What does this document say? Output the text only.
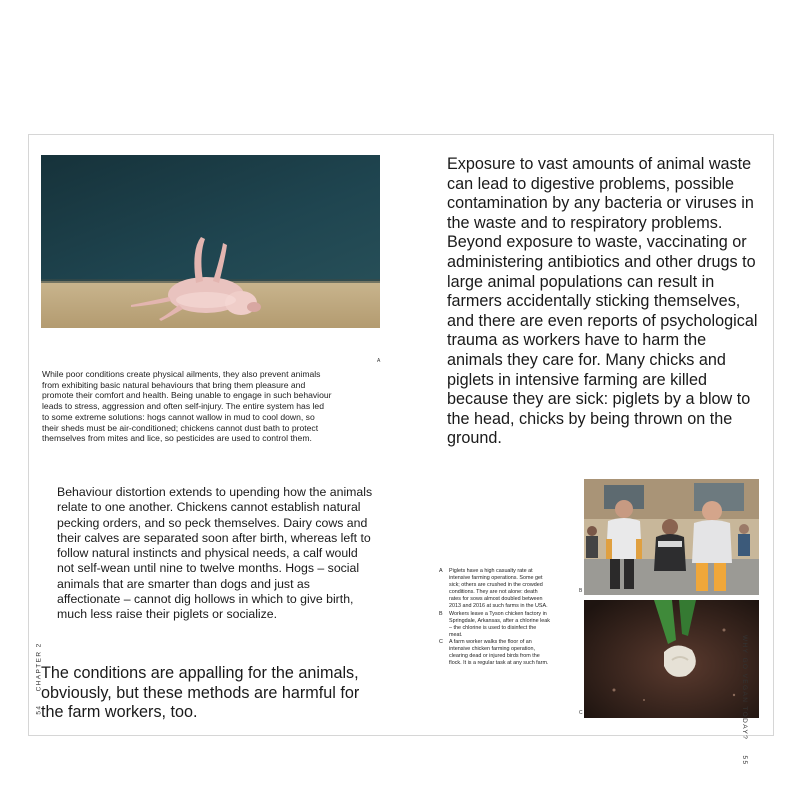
A

While poor conditions create physical ailments, they also prevent animals from exhibiting basic natural behaviours that bring them pleasure and promote their comfort and health. Being unable to engage in such behaviour leads to stress, aggression and often self-injury. The entire system has led to some extreme solutions: hogs cannot wallow in mud to cool down, so their sheds must be air-conditioned; chickens cannot dust bath to protect themselves from mites and lice, so pesticides are used to control them.

Behaviour distortion extends to upending how the animals relate to one another. Chickens cannot establish natural pecking orders, and so peck themselves. Dairy cows and their calves are separated soon after birth, whereas left to follow natural instincts and physical needs, a calf would not self-wean until nine to twelve months. Hogs – social animals that are smarter than dogs and just as affectionate – cannot dig hollows in which to give birth, much less raise their piglets or socialize.

The conditions are appalling for the animals, obviously, but these methods are harmful for the farm workers, too.

54 CHAPTER 2

Exposure to vast amounts of animal waste can lead to digestive problems, possible contamination by any bacteria or viruses in the waste and to respiratory problems. Beyond exposure to waste, vaccinating or administering antibiotics and other drugs to large animal populations can result in farmers accidentally sticking themselves, and there are even reports of psychological trauma as workers have to harm the animals they care for. Many chicks and piglets in intensive farming are killed because they are sick: piglets by a blow to the head, chicks by being thrown on the ground.

B
C
A Piglets have a high casualty rate at intensive farming operations. Some get sick; others are crushed in the crowded conditions. They are not alone: death rates for sows almost doubled between 2013 and 2016 at such farms in the USA.
B Workers leave a Tyson chicken factory in Springdale, Arkansas, after a chlorine leak – the chlorine is used to disinfect the meat.
C A farm worker walks the floor of an intensive chicken farming operation, clearing dead or injured birds from the flock. It is a regular task at any such farm.	WHY GO VEGAN TODAY? 55
